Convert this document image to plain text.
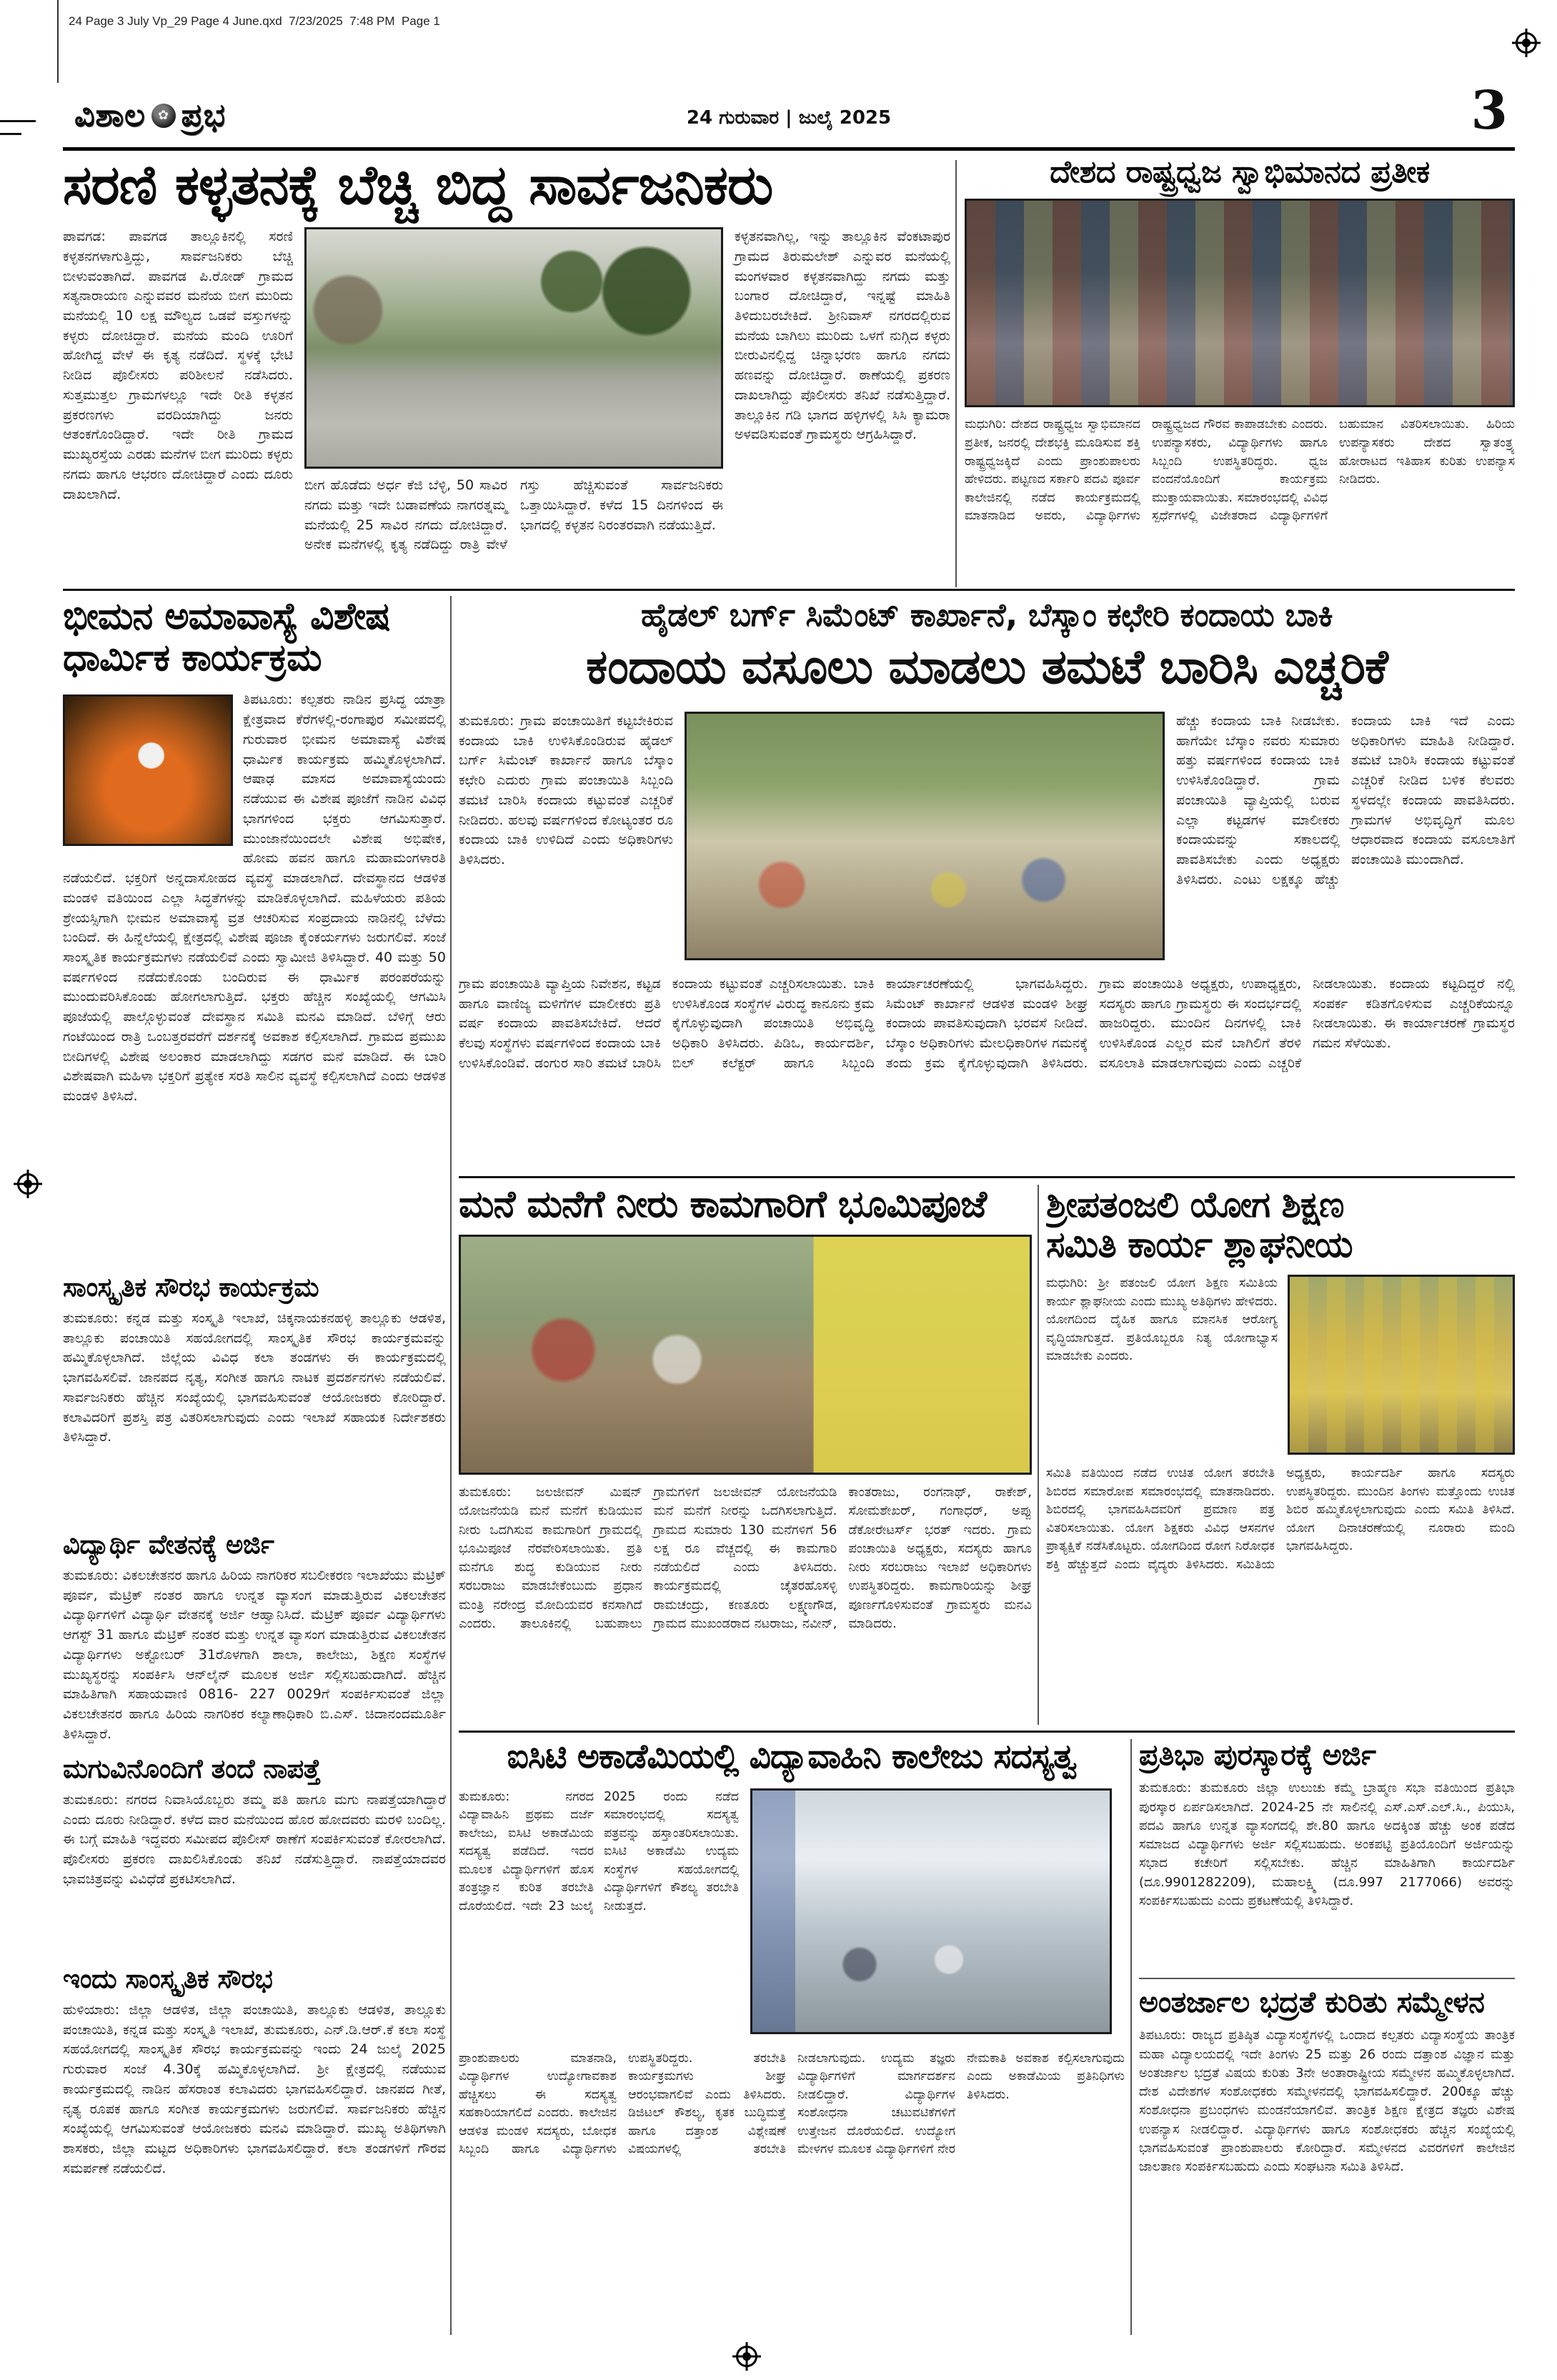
24 Page 3 July Vp_29 Page 4 June.qxd  7/23/2025  7:48 PM  Page 1
ವಿಶಾಲ ✿ ಪ್ರಭ	24 ಗುರುವಾರ | ಜುಲೈ 2025	3
ಸರಣಿ ಕಳ್ಳತನಕ್ಕೆ ಬೆಚ್ಚಿ ಬಿದ್ದ ಸಾರ್ವಜನಿಕರು
ಪಾವಗಡ: ಪಾವಗಡ ತಾಲ್ಲೂಕಿನಲ್ಲಿ ಸರಣಿ ಕಳ್ಳತನಗಳಾಗುತ್ತಿದ್ದು, ಸಾರ್ವಜನಿಕರು ಬೆಚ್ಚಿ ಬೀಳುವಂತಾಗಿದೆ. ಪಾವಗಡ ಪಿ.ರೋಡ್ ಗ್ರಾಮದ ಸತ್ಯನಾರಾಯಣ ಎನ್ನುವವರ ಮನೆಯ ಬೀಗ ಮುರಿದು ಮನೆಯಲ್ಲಿ 10 ಲಕ್ಷ ಮೌಲ್ಯದ ಒಡವೆ ವಸ್ತುಗಳನ್ನು ಕಳ್ಳರು ದೋಚಿದ್ದಾರೆ. ಮನೆಯ ಮಂದಿ ಊರಿಗೆ ಹೋಗಿದ್ದ ವೇಳೆ ಈ ಕೃತ್ಯ ನಡೆದಿದೆ. ಸ್ಥಳಕ್ಕೆ ಭೇಟಿ ನೀಡಿದ ಪೊಲೀಸರು ಪರಿಶೀಲನೆ ನಡೆಸಿದರು. ಸುತ್ತಮುತ್ತಲ ಗ್ರಾಮಗಳಲ್ಲೂ ಇದೇ ರೀತಿ ಕಳ್ಳತನ ಪ್ರಕರಣಗಳು ವರದಿಯಾಗಿದ್ದು ಜನರು ಆತಂಕಗೊಂಡಿದ್ದಾರೆ. ಇದೇ ರೀತಿ ಗ್ರಾಮದ ಮುಖ್ಯರಸ್ತೆಯ ಎರಡು ಮನೆಗಳ ಬೀಗ ಮುರಿದು ಕಳ್ಳರು ನಗದು ಹಾಗೂ ಆಭರಣ ದೋಚಿದ್ದಾರೆ ಎಂದು ದೂರು ದಾಖಲಾಗಿದೆ.
ಬೀಗ ಹೊಡೆದು ಅರ್ಧ ಕೆಜಿ ಬೆಳ್ಳಿ, 50 ಸಾವಿರ ನಗದು ಮತ್ತು ಇದೇ ಬಡಾವಣೆಯ ನಾಗರತ್ನಮ್ಮ ಮನೆಯಲ್ಲಿ 25 ಸಾವಿರ ನಗದು ದೋಚಿದ್ದಾರೆ. ಅನೇಕ ಮನೆಗಳಲ್ಲಿ ಕೃತ್ಯ ನಡೆದಿದ್ದು ರಾತ್ರಿ ವೇಳೆ ಗಸ್ತು ಹೆಚ್ಚಿಸುವಂತೆ ಸಾರ್ವಜನಿಕರು ಒತ್ತಾಯಿಸಿದ್ದಾರೆ. ಕಳೆದ 15 ದಿನಗಳಿಂದ ಈ ಭಾಗದಲ್ಲಿ ಕಳ್ಳತನ ನಿರಂತರವಾಗಿ ನಡೆಯುತ್ತಿದೆ.
ಕಳ್ಳತನವಾಗಿಲ್ಲ, ಇನ್ನು ತಾಲ್ಲೂಕಿನ ವೆಂಕಟಾಪುರ ಗ್ರಾಮದ ತಿರುಮಲೇಶ್ ಎನ್ನುವರ ಮನೆಯಲ್ಲಿ ಮಂಗಳವಾರ ಕಳ್ಳತನವಾಗಿದ್ದು ನಗದು ಮತ್ತು ಬಂಗಾರ ದೋಚಿದ್ದಾರೆ, ಇನ್ನಷ್ಟೆ ಮಾಹಿತಿ ತಿಳಿದುಬರಬೇಕಿದೆ. ಶ್ರೀನಿವಾಸ್ ನಗರದಲ್ಲಿರುವ ಮನೆಯ ಬಾಗಿಲು ಮುರಿದು ಒಳಗೆ ನುಗ್ಗಿದ ಕಳ್ಳರು ಬೀರುವಿನಲ್ಲಿದ್ದ ಚಿನ್ನಾಭರಣ ಹಾಗೂ ನಗದು ಹಣವನ್ನು ದೋಚಿದ್ದಾರೆ. ಠಾಣೆಯಲ್ಲಿ ಪ್ರಕರಣ ದಾಖಲಾಗಿದ್ದು ಪೊಲೀಸರು ತನಿಖೆ ನಡೆಸುತ್ತಿದ್ದಾರೆ. ತಾಲ್ಲೂಕಿನ ಗಡಿ ಭಾಗದ ಹಳ್ಳಿಗಳಲ್ಲಿ ಸಿಸಿ ಕ್ಯಾಮರಾ ಅಳವಡಿಸುವಂತೆ ಗ್ರಾಮಸ್ಥರು ಆಗ್ರಹಿಸಿದ್ದಾರೆ.
ದೇಶದ ರಾಷ್ಟ್ರಧ್ವಜ ಸ್ವಾಭಿಮಾನದ ಪ್ರತೀಕ
ಮಧುಗಿರಿ: ದೇಶದ ರಾಷ್ಟ್ರಧ್ವಜ ಸ್ವಾಭಿಮಾನದ ಪ್ರತೀಕ, ಜನರಲ್ಲಿ ದೇಶಭಕ್ತಿ ಮೂಡಿಸುವ ಶಕ್ತಿ ರಾಷ್ಟ್ರಧ್ವಜಕ್ಕಿದೆ ಎಂದು ಪ್ರಾಂಶುಪಾಲರು ಹೇಳಿದರು. ಪಟ್ಟಣದ ಸರ್ಕಾರಿ ಪದವಿ ಪೂರ್ವ ಕಾಲೇಜಿನಲ್ಲಿ ನಡೆದ ಕಾರ್ಯಕ್ರಮದಲ್ಲಿ ಮಾತನಾಡಿದ ಅವರು, ವಿದ್ಯಾರ್ಥಿಗಳು ರಾಷ್ಟ್ರಧ್ವಜದ ಗೌರವ ಕಾಪಾಡಬೇಕು ಎಂದರು. ಉಪನ್ಯಾಸಕರು, ವಿದ್ಯಾರ್ಥಿಗಳು ಹಾಗೂ ಸಿಬ್ಬಂದಿ ಉಪಸ್ಥಿತರಿದ್ದರು. ಧ್ವಜ ವಂದನೆಯೊಂದಿಗೆ ಕಾರ್ಯಕ್ರಮ ಮುಕ್ತಾಯವಾಯಿತು. ಸಮಾರಂಭದಲ್ಲಿ ವಿವಿಧ ಸ್ಪರ್ಧೆಗಳಲ್ಲಿ ವಿಜೇತರಾದ ವಿದ್ಯಾರ್ಥಿಗಳಿಗೆ ಬಹುಮಾನ ವಿತರಿಸಲಾಯಿತು. ಹಿರಿಯ ಉಪನ್ಯಾಸಕರು ದೇಶದ ಸ್ವಾತಂತ್ರ್ಯ ಹೋರಾಟದ ಇತಿಹಾಸ ಕುರಿತು ಉಪನ್ಯಾಸ ನೀಡಿದರು.
ಭೀಮನ ಅಮಾವಾಸ್ಯೆ ವಿಶೇಷ ಧಾರ್ಮಿಕ ಕಾರ್ಯಕ್ರಮ
ತಿಪಟೂರು: ಕಲ್ಪತರು ನಾಡಿನ ಪ್ರಸಿದ್ಧ ಯಾತ್ರಾ ಕ್ಷೇತ್ರವಾದ ಕೆರೆಗಳಲ್ಲಿ-ರಂಗಾಪುರ ಸಮೀಪದಲ್ಲಿ ಗುರುವಾರ ಭೀಮನ ಅಮಾವಾಸ್ಯೆ ವಿಶೇಷ ಧಾರ್ಮಿಕ ಕಾರ್ಯಕ್ರಮ ಹಮ್ಮಿಕೊಳ್ಳಲಾಗಿದೆ. ಆಷಾಢ ಮಾಸದ ಅಮಾವಾಸ್ಯೆಯಂದು ನಡೆಯುವ ಈ ವಿಶೇಷ ಪೂಜೆಗೆ ನಾಡಿನ ವಿವಿಧ ಭಾಗಗಳಿಂದ ಭಕ್ತರು ಆಗಮಿಸುತ್ತಾರೆ. ಮುಂಜಾನೆಯಿಂದಲೇ ವಿಶೇಷ ಅಭಿಷೇಕ, ಹೋಮ ಹವನ ಹಾಗೂ ಮಹಾಮಂಗಳಾರತಿ ನಡೆಯಲಿದೆ. ಭಕ್ತರಿಗೆ ಅನ್ನದಾಸೋಹದ ವ್ಯವಸ್ಥೆ ಮಾಡಲಾಗಿದೆ. ದೇವಸ್ಥಾನದ ಆಡಳಿತ ಮಂಡಳಿ ವತಿಯಿಂದ ಎಲ್ಲಾ ಸಿದ್ಧತೆಗಳನ್ನು ಮಾಡಿಕೊಳ್ಳಲಾಗಿದೆ. ಮಹಿಳೆಯರು ಪತಿಯ ಶ್ರೇಯಸ್ಸಿಗಾಗಿ ಭೀಮನ ಅಮಾವಾಸ್ಯೆ ವ್ರತ ಆಚರಿಸುವ ಸಂಪ್ರದಾಯ ನಾಡಿನಲ್ಲಿ ಬೆಳೆದು ಬಂದಿದೆ. ಈ ಹಿನ್ನೆಲೆಯಲ್ಲಿ ಕ್ಷೇತ್ರದಲ್ಲಿ ವಿಶೇಷ ಪೂಜಾ ಕೈಂಕರ್ಯಗಳು ಜರುಗಲಿವೆ. ಸಂಜೆ ಸಾಂಸ್ಕೃತಿಕ ಕಾರ್ಯಕ್ರಮಗಳು ನಡೆಯಲಿವೆ ಎಂದು ಸ್ವಾಮೀಜಿ ತಿಳಿಸಿದ್ದಾರೆ. 40 ಮತ್ತು 50 ವರ್ಷಗಳಿಂದ ನಡೆದುಕೊಂಡು ಬಂದಿರುವ ಈ ಧಾರ್ಮಿಕ ಪರಂಪರೆಯನ್ನು ಮುಂದುವರಿಸಿಕೊಂಡು ಹೋಗಲಾಗುತ್ತಿದೆ. ಭಕ್ತರು ಹೆಚ್ಚಿನ ಸಂಖ್ಯೆಯಲ್ಲಿ ಆಗಮಿಸಿ ಪೂಜೆಯಲ್ಲಿ ಪಾಲ್ಗೊಳ್ಳುವಂತೆ ದೇವಸ್ಥಾನ ಸಮಿತಿ ಮನವಿ ಮಾಡಿದೆ. ಬೆಳಿಗ್ಗೆ ಆರು ಗಂಟೆಯಿಂದ ರಾತ್ರಿ ಒಂಬತ್ತರವರೆಗೆ ದರ್ಶನಕ್ಕೆ ಅವಕಾಶ ಕಲ್ಪಿಸಲಾಗಿದೆ. ಗ್ರಾಮದ ಪ್ರಮುಖ ಬೀದಿಗಳಲ್ಲಿ ವಿಶೇಷ ಅಲಂಕಾರ ಮಾಡಲಾಗಿದ್ದು ಸಡಗರ ಮನೆ ಮಾಡಿದೆ. ಈ ಬಾರಿ ವಿಶೇಷವಾಗಿ ಮಹಿಳಾ ಭಕ್ತರಿಗೆ ಪ್ರತ್ಯೇಕ ಸರತಿ ಸಾಲಿನ ವ್ಯವಸ್ಥೆ ಕಲ್ಪಿಸಲಾಗಿದೆ ಎಂದು ಆಡಳಿತ ಮಂಡಳಿ ತಿಳಿಸಿದೆ.
ಸಾಂಸ್ಕೃತಿಕ ಸೌರಭ ಕಾರ್ಯಕ್ರಮ
ತುಮಕೂರು: ಕನ್ನಡ ಮತ್ತು ಸಂಸ್ಕೃತಿ ಇಲಾಖೆ, ಚಿಕ್ಕನಾಯಕನಹಳ್ಳಿ ತಾಲ್ಲೂಕು ಆಡಳಿತ, ತಾಲ್ಲೂಕು ಪಂಚಾಯಿತಿ ಸಹಯೋಗದಲ್ಲಿ ಸಾಂಸ್ಕೃತಿಕ ಸೌರಭ ಕಾರ್ಯಕ್ರಮವನ್ನು ಹಮ್ಮಿಕೊಳ್ಳಲಾಗಿದೆ. ಜಿಲ್ಲೆಯ ವಿವಿಧ ಕಲಾ ತಂಡಗಳು ಈ ಕಾರ್ಯಕ್ರಮದಲ್ಲಿ ಭಾಗವಹಿಸಲಿವೆ. ಜಾನಪದ ನೃತ್ಯ, ಸಂಗೀತ ಹಾಗೂ ನಾಟಕ ಪ್ರದರ್ಶನಗಳು ನಡೆಯಲಿವೆ. ಸಾರ್ವಜನಿಕರು ಹೆಚ್ಚಿನ ಸಂಖ್ಯೆಯಲ್ಲಿ ಭಾಗವಹಿಸುವಂತೆ ಆಯೋಜಕರು ಕೋರಿದ್ದಾರೆ. ಕಲಾವಿದರಿಗೆ ಪ್ರಶಸ್ತಿ ಪತ್ರ ವಿತರಿಸಲಾಗುವುದು ಎಂದು ಇಲಾಖೆ ಸಹಾಯಕ ನಿರ್ದೇಶಕರು ತಿಳಿಸಿದ್ದಾರೆ.
ವಿದ್ಯಾರ್ಥಿ ವೇತನಕ್ಕೆ ಅರ್ಜಿ
ತುಮಕೂರು: ವಿಕಲಚೇತನರ ಹಾಗೂ ಹಿರಿಯ ನಾಗರಿಕರ ಸಬಲೀಕರಣ ಇಲಾಖೆಯು ಮೆಟ್ರಿಕ್ ಪೂರ್ವ, ಮೆಟ್ರಿಕ್ ನಂತರ ಹಾಗೂ ಉನ್ನತ ವ್ಯಾಸಂಗ ಮಾಡುತ್ತಿರುವ ವಿಕಲಚೇತನ ವಿದ್ಯಾರ್ಥಿಗಳಿಗೆ ವಿದ್ಯಾರ್ಥಿ ವೇತನಕ್ಕೆ ಅರ್ಜಿ ಆಹ್ವಾನಿಸಿದೆ. ಮೆಟ್ರಿಕ್ ಪೂರ್ವ ವಿದ್ಯಾರ್ಥಿಗಳು ಆಗಸ್ಟ್ 31 ಹಾಗೂ ಮೆಟ್ರಿಕ್ ನಂತರ ಮತ್ತು ಉನ್ನತ ವ್ಯಾಸಂಗ ಮಾಡುತ್ತಿರುವ ವಿಕಲಚೇತನ ವಿದ್ಯಾರ್ಥಿಗಳು ಅಕ್ಟೋಬರ್ 31ರೊಳಗಾಗಿ ಶಾಲಾ, ಕಾಲೇಜು, ಶಿಕ್ಷಣ ಸಂಸ್ಥೆಗಳ ಮುಖ್ಯಸ್ಥರನ್ನು ಸಂಪರ್ಕಿಸಿ ಆನ್‌ಲೈನ್ ಮೂಲಕ ಅರ್ಜಿ ಸಲ್ಲಿಸಬಹುದಾಗಿದೆ. ಹೆಚ್ಚಿನ ಮಾಹಿತಿಗಾಗಿ ಸಹಾಯವಾಣಿ 0816- 227 0029ಗೆ ಸಂಪರ್ಕಿಸುವಂತೆ ಜಿಲ್ಲಾ ವಿಕಲಚೇತನರ ಹಾಗೂ ಹಿರಿಯ ನಾಗರಿಕರ ಕಲ್ಯಾಣಾಧಿಕಾರಿ ಬಿ.ಎಸ್. ಚಿದಾನಂದಮೂರ್ತಿ ತಿಳಿಸಿದ್ದಾರೆ.
ಮಗುವಿನೊಂದಿಗೆ ತಂದೆ ನಾಪತ್ತೆ
ತುಮಕೂರು: ನಗರದ ನಿವಾಸಿಯೊಬ್ಬರು ತಮ್ಮ ಪತಿ ಹಾಗೂ ಮಗು ನಾಪತ್ತೆಯಾಗಿದ್ದಾರೆ ಎಂದು ದೂರು ನೀಡಿದ್ದಾರೆ. ಕಳೆದ ವಾರ ಮನೆಯಿಂದ ಹೊರ ಹೋದವರು ಮರಳಿ ಬಂದಿಲ್ಲ. ಈ ಬಗ್ಗೆ ಮಾಹಿತಿ ಇದ್ದವರು ಸಮೀಪದ ಪೊಲೀಸ್ ಠಾಣೆಗೆ ಸಂಪರ್ಕಿಸುವಂತೆ ಕೋರಲಾಗಿದೆ. ಪೊಲೀಸರು ಪ್ರಕರಣ ದಾಖಲಿಸಿಕೊಂಡು ತನಿಖೆ ನಡೆಸುತ್ತಿದ್ದಾರೆ. ನಾಪತ್ತೆಯಾದವರ ಭಾವಚಿತ್ರವನ್ನು ವಿವಿಧೆಡೆ ಪ್ರಕಟಿಸಲಾಗಿದೆ.
ಇಂದು ಸಾಂಸ್ಕೃತಿಕ ಸೌರಭ
ಹುಳಿಯಾರು: ಜಿಲ್ಲಾ ಆಡಳಿತ, ಜಿಲ್ಲಾ ಪಂಚಾಯಿತಿ, ತಾಲ್ಲೂಕು ಆಡಳಿತ, ತಾಲ್ಲೂಕು ಪಂಚಾಯಿತಿ, ಕನ್ನಡ ಮತ್ತು ಸಂಸ್ಕೃತಿ ಇಲಾಖೆ, ತುಮಕೂರು, ಎನ್.ಡಿ.ಆರ್.ಕೆ ಕಲಾ ಸಂಸ್ಥೆ ಸಹಯೋಗದಲ್ಲಿ ಸಾಂಸ್ಕೃತಿಕ ಸೌರಭ ಕಾರ್ಯಕ್ರಮವನ್ನು ಇಂದು 24 ಜುಲೈ 2025 ಗುರುವಾರ ಸಂಜೆ 4.30ಕ್ಕೆ ಹಮ್ಮಿಕೊಳ್ಳಲಾಗಿದೆ. ಶ್ರೀ ಕ್ಷೇತ್ರದಲ್ಲಿ ನಡೆಯುವ ಕಾರ್ಯಕ್ರಮದಲ್ಲಿ ನಾಡಿನ ಹೆಸರಾಂತ ಕಲಾವಿದರು ಭಾಗವಹಿಸಲಿದ್ದಾರೆ. ಜಾನಪದ ಗೀತೆ, ನೃತ್ಯ ರೂಪಕ ಹಾಗೂ ಸಂಗೀತ ಕಾರ್ಯಕ್ರಮಗಳು ಜರುಗಲಿವೆ. ಸಾರ್ವಜನಿಕರು ಹೆಚ್ಚಿನ ಸಂಖ್ಯೆಯಲ್ಲಿ ಆಗಮಿಸುವಂತೆ ಆಯೋಜಕರು ಮನವಿ ಮಾಡಿದ್ದಾರೆ. ಮುಖ್ಯ ಅತಿಥಿಗಳಾಗಿ ಶಾಸಕರು, ಜಿಲ್ಲಾ ಮಟ್ಟದ ಅಧಿಕಾರಿಗಳು ಭಾಗವಹಿಸಲಿದ್ದಾರೆ. ಕಲಾ ತಂಡಗಳಿಗೆ ಗೌರವ ಸಮರ್ಪಣೆ ನಡೆಯಲಿದೆ.
ಹೈಡಲ್ ಬರ್ಗ್ ಸಿಮೆಂಟ್ ಕಾರ್ಖಾನೆ, ಬೆಸ್ಕಾಂ ಕಛೇರಿ ಕಂದಾಯ ಬಾಕಿ
ಕಂದಾಯ ವಸೂಲು ಮಾಡಲು ತಮಟೆ ಬಾರಿಸಿ ಎಚ್ಚರಿಕೆ
ತುಮಕೂರು: ಗ್ರಾಮ ಪಂಚಾಯಿತಿಗೆ ಕಟ್ಟಬೇಕಿರುವ ಕಂದಾಯ ಬಾಕಿ ಉಳಿಸಿಕೊಂಡಿರುವ ಹೈಡಲ್ ಬರ್ಗ್ ಸಿಮೆಂಟ್ ಕಾರ್ಖಾನೆ ಹಾಗೂ ಬೆಸ್ಕಾಂ ಕಛೇರಿ ಎದುರು ಗ್ರಾಮ ಪಂಚಾಯಿತಿ ಸಿಬ್ಬಂದಿ ತಮಟೆ ಬಾರಿಸಿ ಕಂದಾಯ ಕಟ್ಟುವಂತೆ ಎಚ್ಚರಿಕೆ ನೀಡಿದರು. ಹಲವು ವರ್ಷಗಳಿಂದ ಕೋಟ್ಯಂತರ ರೂ ಕಂದಾಯ ಬಾಕಿ ಉಳಿದಿದೆ ಎಂದು ಅಧಿಕಾರಿಗಳು ತಿಳಿಸಿದರು.
ಹೆಚ್ಚು ಕಂದಾಯ ಬಾಕಿ ನೀಡಬೇಕು. ಹಾಗೆಯೇ ಬೆಸ್ಕಾಂ ನವರು ಸುಮಾರು ಹತ್ತು ವರ್ಷಗಳಿಂದ ಕಂದಾಯ ಬಾಕಿ ಉಳಿಸಿಕೊಂಡಿದ್ದಾರೆ. ಗ್ರಾಮ ಪಂಚಾಯಿತಿ ವ್ಯಾಪ್ತಿಯಲ್ಲಿ ಬರುವ ಎಲ್ಲಾ ಕಟ್ಟಡಗಳ ಮಾಲೀಕರು ಕಂದಾಯವನ್ನು ಸಕಾಲದಲ್ಲಿ ಪಾವತಿಸಬೇಕು ಎಂದು ಅಧ್ಯಕ್ಷರು ತಿಳಿಸಿದರು. ಎಂಟು ಲಕ್ಷಕ್ಕೂ ಹೆಚ್ಚು ಕಂದಾಯ ಬಾಕಿ ಇದೆ ಎಂದು ಅಧಿಕಾರಿಗಳು ಮಾಹಿತಿ ನೀಡಿದ್ದಾರೆ. ತಮಟೆ ಬಾರಿಸಿ ಕಂದಾಯ ಕಟ್ಟುವಂತೆ ಎಚ್ಚರಿಕೆ ನೀಡಿದ ಬಳಿಕ ಕೆಲವರು ಸ್ಥಳದಲ್ಲೇ ಕಂದಾಯ ಪಾವತಿಸಿದರು. ಗ್ರಾಮಗಳ ಅಭಿವೃದ್ಧಿಗೆ ಮೂಲ ಆಧಾರವಾದ ಕಂದಾಯ ವಸೂಲಾತಿಗೆ ಪಂಚಾಯಿತಿ ಮುಂದಾಗಿದೆ.
ಗ್ರಾಮ ಪಂಚಾಯಿತಿ ವ್ಯಾಪ್ತಿಯ ನಿವೇಶನ, ಕಟ್ಟಡ ಹಾಗೂ ವಾಣಿಜ್ಯ ಮಳಿಗೆಗಳ ಮಾಲೀಕರು ಪ್ರತಿ ವರ್ಷ ಕಂದಾಯ ಪಾವತಿಸಬೇಕಿದೆ. ಆದರೆ ಕೆಲವು ಸಂಸ್ಥೆಗಳು ವರ್ಷಗಳಿಂದ ಕಂದಾಯ ಬಾಕಿ ಉಳಿಸಿಕೊಂಡಿವೆ. ಡಂಗುರ ಸಾರಿ ತಮಟೆ ಬಾರಿಸಿ ಕಂದಾಯ ಕಟ್ಟುವಂತೆ ಎಚ್ಚರಿಸಲಾಯಿತು. ಬಾಕಿ ಉಳಿಸಿಕೊಂಡ ಸಂಸ್ಥೆಗಳ ವಿರುದ್ಧ ಕಾನೂನು ಕ್ರಮ ಕೈಗೊಳ್ಳುವುದಾಗಿ ಪಂಚಾಯಿತಿ ಅಭಿವೃದ್ಧಿ ಅಧಿಕಾರಿ ತಿಳಿಸಿದರು. ಪಿಡಿಒ, ಕಾರ್ಯದರ್ಶಿ, ಬಿಲ್ ಕಲೆಕ್ಟರ್ ಹಾಗೂ ಸಿಬ್ಬಂದಿ ಕಾರ್ಯಾಚರಣೆಯಲ್ಲಿ ಭಾಗವಹಿಸಿದ್ದರು. ಸಿಮೆಂಟ್ ಕಾರ್ಖಾನೆ ಆಡಳಿತ ಮಂಡಳಿ ಶೀಘ್ರ ಕಂದಾಯ ಪಾವತಿಸುವುದಾಗಿ ಭರವಸೆ ನೀಡಿದೆ. ಬೆಸ್ಕಾಂ ಅಧಿಕಾರಿಗಳು ಮೇಲಧಿಕಾರಿಗಳ ಗಮನಕ್ಕೆ ತಂದು ಕ್ರಮ ಕೈಗೊಳ್ಳುವುದಾಗಿ ತಿಳಿಸಿದರು. ಗ್ರಾಮ ಪಂಚಾಯಿತಿ ಅಧ್ಯಕ್ಷರು, ಉಪಾಧ್ಯಕ್ಷರು, ಸದಸ್ಯರು ಹಾಗೂ ಗ್ರಾಮಸ್ಥರು ಈ ಸಂದರ್ಭದಲ್ಲಿ ಹಾಜರಿದ್ದರು. ಮುಂದಿನ ದಿನಗಳಲ್ಲಿ ಬಾಕಿ ಉಳಿಸಿಕೊಂಡ ಎಲ್ಲರ ಮನೆ ಬಾಗಿಲಿಗೆ ತೆರಳಿ ವಸೂಲಾತಿ ಮಾಡಲಾಗುವುದು ಎಂದು ಎಚ್ಚರಿಕೆ ನೀಡಲಾಯಿತು. ಕಂದಾಯ ಕಟ್ಟದಿದ್ದರೆ ನಲ್ಲಿ ಸಂಪರ್ಕ ಕಡಿತಗೊಳಿಸುವ ಎಚ್ಚರಿಕೆಯನ್ನೂ ನೀಡಲಾಯಿತು. ಈ ಕಾರ್ಯಾಚರಣೆ ಗ್ರಾಮಸ್ಥರ ಗಮನ ಸೆಳೆಯಿತು.
ಮನೆ ಮನೆಗೆ ನೀರು ಕಾಮಗಾರಿಗೆ ಭೂಮಿಪೂಜೆ
ತುಮಕೂರು: ಜಲಜೀವನ್ ಮಿಷನ್ ಯೋಜನೆಯಡಿ ಮನೆ ಮನೆಗೆ ಕುಡಿಯುವ ನೀರು ಒದಗಿಸುವ ಕಾಮಗಾರಿಗೆ ಗ್ರಾಮದಲ್ಲಿ ಭೂಮಿಪೂಜೆ ನೆರವೇರಿಸಲಾಯಿತು. ಪ್ರತಿ ಮನೆಗೂ ಶುದ್ಧ ಕುಡಿಯುವ ನೀರು ಸರಬರಾಜು ಮಾಡಬೇಕೆಂಬುದು ಪ್ರಧಾನ ಮಂತ್ರಿ ನರೇಂದ್ರ ಮೋದಿಯವರ ಕನಸಾಗಿದೆ ಎಂದರು. ತಾಲೂಕಿನಲ್ಲಿ ಬಹುಪಾಲು ಗ್ರಾಮಗಳಿಗೆ ಜಲಜೀವನ್ ಯೋಜನೆಯಡಿ ಮನೆ ಮನೆಗೆ ನೀರನ್ನು ಒದಗಿಸಲಾಗುತ್ತಿದೆ. ಗ್ರಾಮದ ಸುಮಾರು 130 ಮನೆಗಳಿಗೆ 56 ಲಕ್ಷ ರೂ ವೆಚ್ಚದಲ್ಲಿ ಈ ಕಾಮಗಾರಿ ನಡೆಯಲಿದೆ ಎಂದು ತಿಳಿಸಿದರು. ಕಾರ್ಯಕ್ರಮದಲ್ಲಿ ಚೈತರಹೊಸಳ್ಳಿ ರಾಮಚಂದ್ರು, ಕಣತೂರು ಲಕ್ಷ್ಮಣಗೌಡ, ಗ್ರಾಮದ ಮುಖಂಡರಾದ ನಟರಾಜು, ನವೀನ್, ಕಾಂತರಾಜು, ರಂಗನಾಥ್, ರಾಕೇಶ್, ಸೋಮಶೇಖರ್, ಗಂಗಾಧರ್, ಅಪ್ಪು ಡೆಕೋರೇಟರ್ಸ್ ಭರತ್ ಇದರು. ಗ್ರಾಮ ಪಂಚಾಯಿತಿ ಅಧ್ಯಕ್ಷರು, ಸದಸ್ಯರು ಹಾಗೂ ನೀರು ಸರಬರಾಜು ಇಲಾಖೆ ಅಧಿಕಾರಿಗಳು ಉಪಸ್ಥಿತರಿದ್ದರು. ಕಾಮಗಾರಿಯನ್ನು ಶೀಘ್ರ ಪೂರ್ಣಗೊಳಿಸುವಂತೆ ಗ್ರಾಮಸ್ಥರು ಮನವಿ ಮಾಡಿದರು.
ಶ್ರೀಪತಂಜಲಿ ಯೋಗ ಶಿಕ್ಷಣ
ಸಮಿತಿ ಕಾರ್ಯ ಶ್ಲಾಘನೀಯ
ಮಧುಗಿರಿ: ಶ್ರೀ ಪತಂಜಲಿ ಯೋಗ ಶಿಕ್ಷಣ ಸಮಿತಿಯ ಕಾರ್ಯ ಶ್ಲಾಘನೀಯ ಎಂದು ಮುಖ್ಯ ಅತಿಥಿಗಳು ಹೇಳಿದರು. ಯೋಗದಿಂದ ದೈಹಿಕ ಹಾಗೂ ಮಾನಸಿಕ ಆರೋಗ್ಯ ವೃದ್ಧಿಯಾಗುತ್ತದೆ. ಪ್ರತಿಯೊಬ್ಬರೂ ನಿತ್ಯ ಯೋಗಾಭ್ಯಾಸ ಮಾಡಬೇಕು ಎಂದರು.
ಸಮಿತಿ ವತಿಯಿಂದ ನಡೆದ ಉಚಿತ ಯೋಗ ತರಬೇತಿ ಶಿಬಿರದ ಸಮಾರೋಪ ಸಮಾರಂಭದಲ್ಲಿ ಮಾತನಾಡಿದರು. ಶಿಬಿರದಲ್ಲಿ ಭಾಗವಹಿಸಿದವರಿಗೆ ಪ್ರಮಾಣ ಪತ್ರ ವಿತರಿಸಲಾಯಿತು. ಯೋಗ ಶಿಕ್ಷಕರು ವಿವಿಧ ಆಸನಗಳ ಪ್ರಾತ್ಯಕ್ಷಿಕೆ ನಡೆಸಿಕೊಟ್ಟರು. ಯೋಗದಿಂದ ರೋಗ ನಿರೋಧಕ ಶಕ್ತಿ ಹೆಚ್ಚುತ್ತದೆ ಎಂದು ವೈದ್ಯರು ತಿಳಿಸಿದರು. ಸಮಿತಿಯ ಅಧ್ಯಕ್ಷರು, ಕಾರ್ಯದರ್ಶಿ ಹಾಗೂ ಸದಸ್ಯರು ಉಪಸ್ಥಿತರಿದ್ದರು. ಮುಂದಿನ ತಿಂಗಳು ಮತ್ತೊಂದು ಉಚಿತ ಶಿಬಿರ ಹಮ್ಮಿಕೊಳ್ಳಲಾಗುವುದು ಎಂದು ಸಮಿತಿ ತಿಳಿಸಿದೆ. ಯೋಗ ದಿನಾಚರಣೆಯಲ್ಲಿ ನೂರಾರು ಮಂದಿ ಭಾಗವಹಿಸಿದ್ದರು.
ಐಸಿಟಿ ಅಕಾಡೆಮಿಯಲ್ಲಿ ವಿದ್ಯಾವಾಹಿನಿ ಕಾಲೇಜು ಸದಸ್ಯತ್ವ
ತುಮಕೂರು: ನಗರದ ವಿದ್ಯಾವಾಹಿನಿ ಪ್ರಥಮ ದರ್ಜೆ ಕಾಲೇಜು, ಐಸಿಟಿ ಅಕಾಡೆಮಿಯ ಸದಸ್ಯತ್ವ ಪಡೆದಿದೆ. ಇದರ ಮೂಲಕ ವಿದ್ಯಾರ್ಥಿಗಳಿಗೆ ಹೊಸ ತಂತ್ರಜ್ಞಾನ ಕುರಿತ ತರಬೇತಿ ದೊರೆಯಲಿದೆ. ಇದೇ 23 ಜುಲೈ 2025 ರಂದು ನಡೆದ ಸಮಾರಂಭದಲ್ಲಿ ಸದಸ್ಯತ್ವ ಪತ್ರವನ್ನು ಹಸ್ತಾಂತರಿಸಲಾಯಿತು. ಐಸಿಟಿ ಅಕಾಡೆಮಿ ಉದ್ಯಮ ಸಂಸ್ಥೆಗಳ ಸಹಯೋಗದಲ್ಲಿ ವಿದ್ಯಾರ್ಥಿಗಳಿಗೆ ಕೌಶಲ್ಯ ತರಬೇತಿ ನೀಡುತ್ತದೆ.
ಪ್ರಾಂಶುಪಾಲರು ಮಾತನಾಡಿ, ವಿದ್ಯಾರ್ಥಿಗಳ ಉದ್ಯೋಗಾವಕಾಶ ಹೆಚ್ಚಿಸಲು ಈ ಸದಸ್ಯತ್ವ ಸಹಕಾರಿಯಾಗಲಿದೆ ಎಂದರು. ಕಾಲೇಜಿನ ಆಡಳಿತ ಮಂಡಳಿ ಸದಸ್ಯರು, ಬೋಧಕ ಸಿಬ್ಬಂದಿ ಹಾಗೂ ವಿದ್ಯಾರ್ಥಿಗಳು ಉಪಸ್ಥಿತರಿದ್ದರು. ತರಬೇತಿ ಕಾರ್ಯಕ್ರಮಗಳು ಶೀಘ್ರ ಆರಂಭವಾಗಲಿವೆ ಎಂದು ತಿಳಿಸಿದರು. ಡಿಜಿಟಲ್ ಕೌಶಲ್ಯ, ಕೃತಕ ಬುದ್ಧಿಮತ್ತೆ ಹಾಗೂ ದತ್ತಾಂಶ ವಿಶ್ಲೇಷಣೆ ವಿಷಯಗಳಲ್ಲಿ ತರಬೇತಿ ನೀಡಲಾಗುವುದು. ಉದ್ಯಮ ತಜ್ಞರು ವಿದ್ಯಾರ್ಥಿಗಳಿಗೆ ಮಾರ್ಗದರ್ಶನ ನೀಡಲಿದ್ದಾರೆ. ವಿದ್ಯಾರ್ಥಿಗಳ ಸಂಶೋಧನಾ ಚಟುವಟಿಕೆಗಳಿಗೆ ಉತ್ತೇಜನ ದೊರೆಯಲಿದೆ. ಉದ್ಯೋಗ ಮೇಳಗಳ ಮೂಲಕ ವಿದ್ಯಾರ್ಥಿಗಳಿಗೆ ನೇರ ನೇಮಕಾತಿ ಅವಕಾಶ ಕಲ್ಪಿಸಲಾಗುವುದು ಎಂದು ಅಕಾಡೆಮಿಯ ಪ್ರತಿನಿಧಿಗಳು ತಿಳಿಸಿದರು.
ಪ್ರತಿಭಾ ಪುರಸ್ಕಾರಕ್ಕೆ ಅರ್ಜಿ
ತುಮಕೂರು: ತುಮಕೂರು ಜಿಲ್ಲಾ ಉಲುಚು ಕಮ್ಮೆ ಬ್ರಾಹ್ಮಣ ಸಭಾ ವತಿಯಿಂದ ಪ್ರತಿಭಾ ಪುರಸ್ಕಾರ ಏರ್ಪಡಿಸಲಾಗಿದೆ. 2024-25 ನೇ ಸಾಲಿನಲ್ಲಿ ಎಸ್.ಎಸ್.ಎಲ್.ಸಿ., ಪಿಯುಸಿ, ಪದವಿ ಹಾಗೂ ಉನ್ನತ ವ್ಯಾಸಂಗದಲ್ಲಿ ಶೇ.80 ಹಾಗೂ ಅದಕ್ಕಿಂತ ಹೆಚ್ಚು ಅಂಕ ಪಡೆದ ಸಮಾಜದ ವಿದ್ಯಾರ್ಥಿಗಳು ಅರ್ಜಿ ಸಲ್ಲಿಸಬಹುದು. ಅಂಕಪಟ್ಟಿ ಪ್ರತಿಯೊಂದಿಗೆ ಅರ್ಜಿಯನ್ನು ಸಭಾದ ಕಚೇರಿಗೆ ಸಲ್ಲಿಸಬೇಕು. ಹೆಚ್ಚಿನ ಮಾಹಿತಿಗಾಗಿ ಕಾರ್ಯದರ್ಶಿ (ದೂ.9901282209), ಮಹಾಲಕ್ಷ್ಮಿ (ದೂ.997 2177066) ಅವರನ್ನು ಸಂಪರ್ಕಿಸಬಹುದು ಎಂದು ಪ್ರಕಟಣೆಯಲ್ಲಿ ತಿಳಿಸಿದ್ದಾರೆ.
ಅಂತರ್ಜಾಲ ಭದ್ರತೆ ಕುರಿತು ಸಮ್ಮೇಳನ
ತಿಪಟೂರು: ರಾಜ್ಯದ ಪ್ರತಿಷ್ಠಿತ ವಿದ್ಯಾಸಂಸ್ಥೆಗಳಲ್ಲಿ ಒಂದಾದ ಕಲ್ಪತರು ವಿದ್ಯಾಸಂಸ್ಥೆಯ ತಾಂತ್ರಿಕ ಮಹಾ ವಿದ್ಯಾಲಯದಲ್ಲಿ ಇದೇ ತಿಂಗಳು 25 ಮತ್ತು 26 ರಂದು ದತ್ತಾಂಶ ವಿಜ್ಞಾನ ಮತ್ತು ಅಂತರ್ಜಾಲ ಭದ್ರತೆ ವಿಷಯ ಕುರಿತು 3ನೇ ಅಂತಾರಾಷ್ಟ್ರೀಯ ಸಮ್ಮೇಳನ ಹಮ್ಮಿಕೊಳ್ಳಲಾಗಿದೆ. ದೇಶ ವಿದೇಶಗಳ ಸಂಶೋಧಕರು ಸಮ್ಮೇಳನದಲ್ಲಿ ಭಾಗವಹಿಸಲಿದ್ದಾರೆ. 200ಕ್ಕೂ ಹೆಚ್ಚು ಸಂಶೋಧನಾ ಪ್ರಬಂಧಗಳು ಮಂಡನೆಯಾಗಲಿವೆ. ತಾಂತ್ರಿಕ ಶಿಕ್ಷಣ ಕ್ಷೇತ್ರದ ತಜ್ಞರು ವಿಶೇಷ ಉಪನ್ಯಾಸ ನೀಡಲಿದ್ದಾರೆ. ವಿದ್ಯಾರ್ಥಿಗಳು ಹಾಗೂ ಸಂಶೋಧಕರು ಹೆಚ್ಚಿನ ಸಂಖ್ಯೆಯಲ್ಲಿ ಭಾಗವಹಿಸುವಂತೆ ಪ್ರಾಂಶುಪಾಲರು ಕೋರಿದ್ದಾರೆ. ಸಮ್ಮೇಳನದ ವಿವರಗಳಿಗೆ ಕಾಲೇಜಿನ ಜಾಲತಾಣ ಸಂಪರ್ಕಿಸಬಹುದು ಎಂದು ಸಂಘಟನಾ ಸಮಿತಿ ತಿಳಿಸಿದೆ.
